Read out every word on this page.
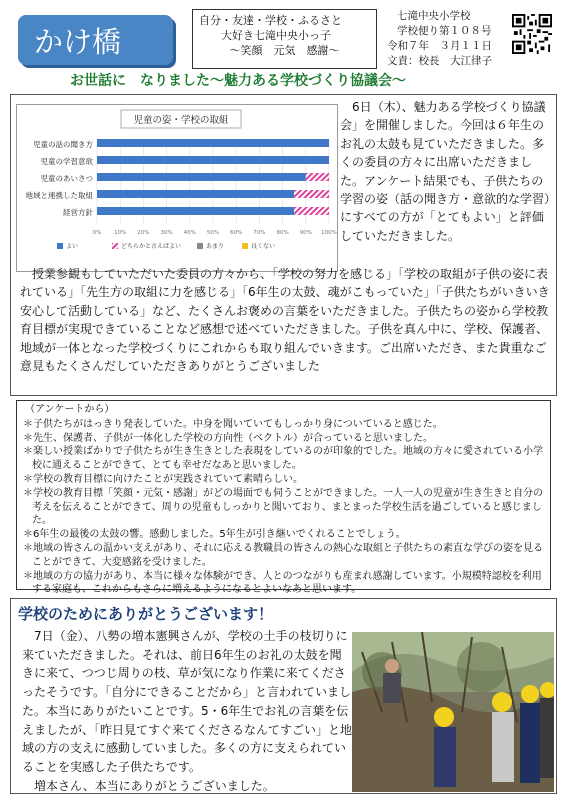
かけ橋
自分・友達・学校・ふるさと
大好き七滝中央小っ子
～笑顔　元気　感謝～
七滝中央小学校
学校便り第１０８号
令和７年　３月１１日
文責：校長　大江律子
お世話に　なりました～魅力ある学校づくり協議会～
児童の姿・学校の取組
0% 10% 20% 30% 40% 50% 60% 70% 80% 90% 100%
児童の話の聞き方
児童の学習意欲
児童のあいさつ
地域と連携した取組
経営方針
よい	どちらかと言えばよい	あまり	良くない
6日（木）、魅力ある学校づくり協議会」を開催しました。今回は６年生のお礼の太鼓も見ていただきました。多くの委員の方々に出席いただきました。アンケート結果でも、子供たちの学習の姿（話の聞き方・意欲的な学習）にすべての方が「とてもよい」と評価していただきました。
授業参観もしていただいた委員の方々から、「学校の努力を感じる」「学校の取組が子供の姿に表れている」「先生方の取組に力を感じる」「6年生の太鼓、魂がこもっていた」「子供たちがいきいき安心して活動している」など、たくさんお褒めの言葉をいただきました。子供たちの姿から学校教育目標が実現できていることなど感想で述べていただきました。子供を真ん中に、学校、保護者、地域が一体となった学校づくりにこれからも取り組んでいきます。ご出席いただき、また貴重なご意見もたくさんだしていただきありがとうございました
（アンケートから）
＊子供たちがはっきり発表していた。中身を聞いていてもしっかり身についていると感じた。
＊先生、保護者、子供が一体化した学校の方向性（ベクトル）が合っていると思いました。
＊楽しい授業ばかりで子供たちが生き生きとした表現をしているのが印象的でした。地域の方々に愛されている小学校に通えることができて、とても幸せだなあと思いました。
＊学校の教育目標に向けたことが実践されていて素晴らしい。
＊学校の教育目標「笑顔・元気・感謝」がどの場面でも伺うことができました。一人一人の児童が生き生きと自分の考えを伝えることができて、周りの児童もしっかりと聞いており、まとまった学校生活を過ごしていると感じました。
＊6年生の最後の太鼓の響。感動しました。5年生が引き継いでくれることでしょう。
＊地域の皆さんの温かい支えがあり、それに応える教職員の皆さんの熱心な取組と子供たちの素直な学びの姿を見ることができて、大変感銘を受けました。
＊地域の方の協力があり、本当に様々な体験ができ、人とのつながりも産まれ感謝しています。小規模特認校を利用する家庭も、これからもさらに増えるようになるとよいなあと思います。
学校のためにありがとうございます！

7日（金）、八勢の増本憲興さんが、学校の土手の枝切りに来ていただきました。それは、前日6年生のお礼の太鼓を聞きに来て、つつじ周りの枝、草が気になり作業に来てくださったそうです。「自分にできることだから」と言われていました。本当にありがたいことです。5・6年生でお礼の言葉を伝えましたが、「昨日見てすぐ来てくださるなんてすごい」と地域の方の支えに感動していました。多くの方に支えられていることを実感した子供たちです。

増本さん、本当にありがとうございました。
